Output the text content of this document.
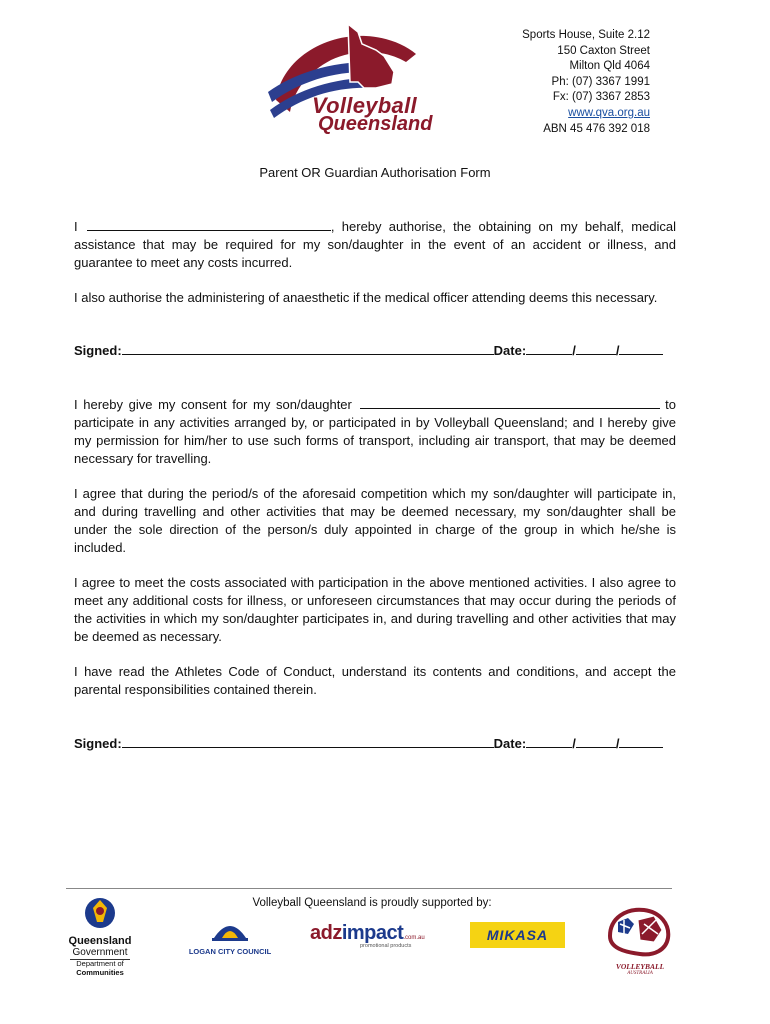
Volleyball
Queensland
Sports House, Suite 2.12
150 Caxton Street
Milton Qld 4064
Ph: (07) 3367 1991
Fx: (07) 3367 2853
www.qva.org.au
ABN 45 476 392 018
Parent OR Guardian Authorisation Form
I	, hereby authorise, the obtaining on my behalf, medical assistance that may be required for my son/daughter in the event of an accident or illness, and guarantee to meet any costs incurred.
I also authorise the administering of anaesthetic if the medical officer attending deems this necessary.
Signed:	Date:	/	/
I hereby give my consent for my son/daughter	to participate in any activities arranged by, or participated in by Volleyball Queensland; and I hereby give my permission for him/her to use such forms of transport, including air transport, that may be deemed necessary for travelling.
I agree that during the period/s of the aforesaid competition which my son/daughter will participate in, and during travelling and other activities that may be deemed necessary, my son/daughter shall be under the sole direction of the person/s duly appointed in charge of the group in which he/she is included.
I agree to meet the costs associated with participation in the above mentioned activities. I also agree to meet any additional costs for illness, or unforeseen circumstances that may occur during the periods of the activities in which my son/daughter participates in, and during travelling and other activities that may be deemed as necessary.
I have read the Athletes Code of Conduct, understand its contents and conditions, and accept the parental responsibilities contained therein.
Signed:	Date:	/	/
Volleyball Queensland is proudly supported by:
Queensland
Government
Department of
Communities
LOGAN CITY COUNCIL
adzimpact.com.au
promotional products
MIKASA
VOLLEYBALL
AUSTRALIA
